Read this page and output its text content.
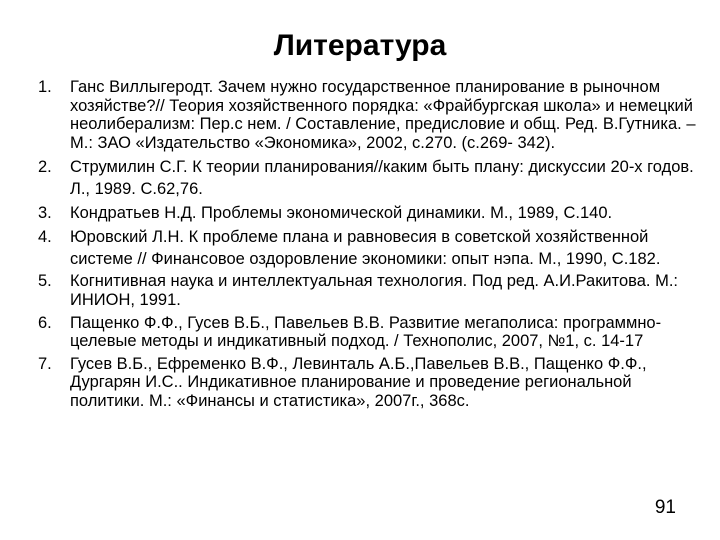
Литература
1.	Ганс Виллыгеродт. Зачем нужно государственное планирование в рыночном хозяйстве?// Теория хозяйственного порядка: «Фрайбургская школа» и немецкий неолиберализм: Пер.с нем. / Составление, предисловие и общ. Ред. В.Гутника. – М.: ЗАО «Издательство «Экономика», 2002, с.270. (с.269- 342).
2.	Струмилин С.Г. К теории планирования//каким быть плану: дискуссии 20-х годов. Л., 1989. С.62,76.
3.	Кондратьев Н.Д. Проблемы экономической динамики. М., 1989, С.140.
4.	Юровский Л.Н. К проблеме плана и равновесия в советской хозяйственной системе // Финансовое оздоровление экономики: опыт нэпа. М., 1990, С.182.
5.	Когнитивная наука и интеллектуальная технология. Под ред. А.И.Ракитова. М.: ИНИОН, 1991.
6.	Пащенко Ф.Ф., Гусев В.Б., Павельев В.В. Развитие мегаполиса: программно-целевые методы и индикативный подход. / Технополис, 2007, №1, с. 14-17
7.	Гусев В.Б., Ефременко В.Ф., Левинталь А.Б.,Павельев В.В., Пащенко Ф.Ф., Дургарян И.С.. Индикативное планирование и проведение региональной политики. М.: «Финансы и статистика», 2007г., 368с.
91
